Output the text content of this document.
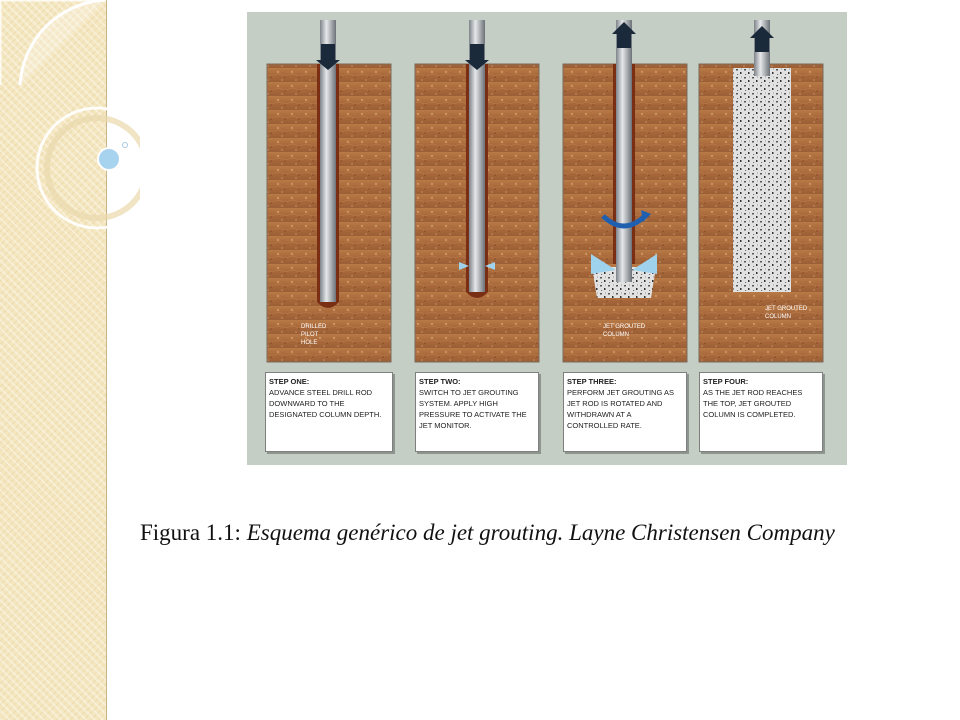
DRILLED
PILOT
HOLE
JET GROUTED
COLUMN
JET GROUTED
COLUMN
STEP ONE:
ADVANCE STEEL DRILL ROD DOWNWARD TO THE DESIGNATED COLUMN DEPTH.
STEP TWO:
SWITCH TO JET GROUTING SYSTEM. APPLY HIGH PRESSURE TO ACTIVATE THE JET MONITOR.
STEP THREE:
PERFORM JET GROUTING AS JET ROD IS ROTATED AND WITHDRAWN AT A CONTROLLED RATE.
STEP FOUR:
AS THE JET ROD REACHES THE TOP, JET GROUTED COLUMN IS COMPLETED.
Figura 1.1: Esquema genérico de jet grouting. Layne Christensen Company
